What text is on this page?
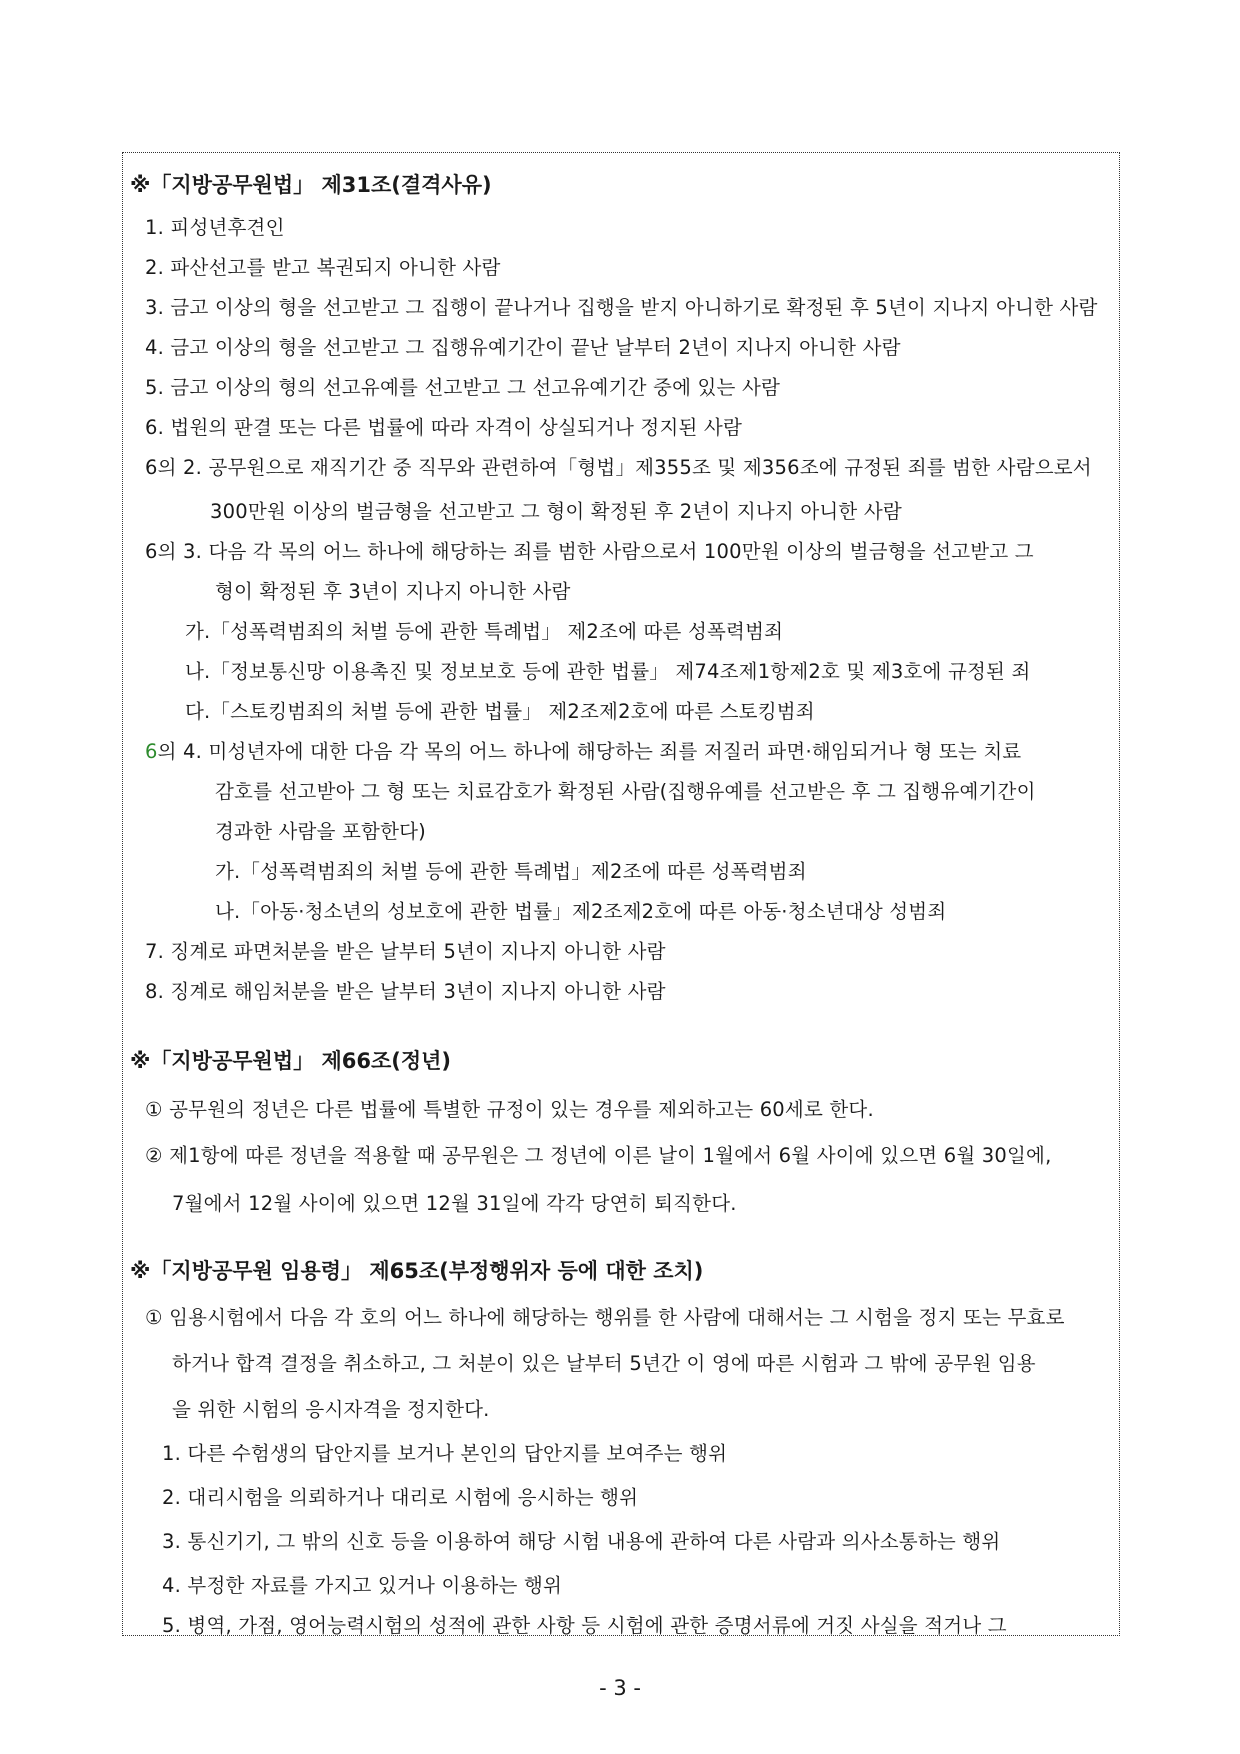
※「지방공무원법」 제31조(결격사유)
1. 피성년후견인
2. 파산선고를 받고 복권되지 아니한 사람
3. 금고 이상의 형을 선고받고 그 집행이 끝나거나 집행을 받지 아니하기로 확정된 후 5년이 지나지 아니한 사람
4. 금고 이상의 형을 선고받고 그 집행유예기간이 끝난 날부터 2년이 지나지 아니한 사람
5. 금고 이상의 형의 선고유예를 선고받고 그 선고유예기간 중에 있는 사람
6. 법원의 판결 또는 다른 법률에 따라 자격이 상실되거나 정지된 사람
6의 2. 공무원으로 재직기간 중 직무와 관련하여「형법」제355조 및 제356조에 규정된 죄를 범한 사람으로서
300만원 이상의 벌금형을 선고받고 그 형이 확정된 후 2년이 지나지 아니한 사람
6의 3. 다음 각 목의 어느 하나에 해당하는 죄를 범한 사람으로서 100만원 이상의 벌금형을 선고받고 그
형이 확정된 후 3년이 지나지 아니한 사람
가.「성폭력범죄의 처벌 등에 관한 특례법」 제2조에 따른 성폭력범죄
나.「정보통신망 이용촉진 및 정보보호 등에 관한 법률」 제74조제1항제2호 및 제3호에 규정된 죄
다.「스토킹범죄의 처벌 등에 관한 법률」 제2조제2호에 따른 스토킹범죄
6의 4. 미성년자에 대한 다음 각 목의 어느 하나에 해당하는 죄를 저질러 파면·해임되거나 형 또는 치료
감호를 선고받아 그 형 또는 치료감호가 확정된 사람(집행유예를 선고받은 후 그 집행유예기간이
경과한 사람을 포함한다)
가.「성폭력범죄의 처벌 등에 관한 특례법」제2조에 따른 성폭력범죄
나.「아동·청소년의 성보호에 관한 법률」제2조제2호에 따른 아동·청소년대상 성범죄
7. 징계로 파면처분을 받은 날부터 5년이 지나지 아니한 사람
8. 징계로 해임처분을 받은 날부터 3년이 지나지 아니한 사람
※「지방공무원법」 제66조(정년)
① 공무원의 정년은 다른 법률에 특별한 규정이 있는 경우를 제외하고는 60세로 한다.
② 제1항에 따른 정년을 적용할 때 공무원은 그 정년에 이른 날이 1월에서 6월 사이에 있으면 6월 30일에,
7월에서 12월 사이에 있으면 12월 31일에 각각 당연히 퇴직한다.
※「지방공무원 임용령」 제65조(부정행위자 등에 대한 조치)
① 임용시험에서 다음 각 호의 어느 하나에 해당하는 행위를 한 사람에 대해서는 그 시험을 정지 또는 무효로
하거나 합격 결정을 취소하고, 그 처분이 있은 날부터 5년간 이 영에 따른 시험과 그 밖에 공무원 임용
을 위한 시험의 응시자격을 정지한다.
1. 다른 수험생의 답안지를 보거나 본인의 답안지를 보여주는 행위
2. 대리시험을 의뢰하거나 대리로 시험에 응시하는 행위
3. 통신기기, 그 밖의 신호 등을 이용하여 해당 시험 내용에 관하여 다른 사람과 의사소통하는 행위
4. 부정한 자료를 가지고 있거나 이용하는 행위
5. 병역, 가점, 영어능력시험의 성적에 관한 사항 등 시험에 관한 증명서류에 거짓 사실을 적거나 그
- 3 -
